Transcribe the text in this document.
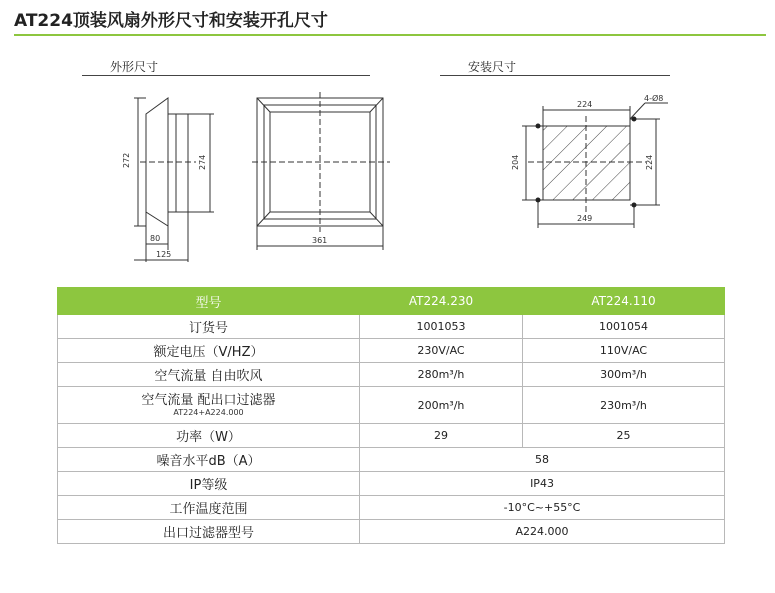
AT224顶装风扇外形尺寸和安装开孔尺寸
外形尺寸	安装尺寸
272	274
80
125
361
224
4-Ø8
204	224
249
型号	AT224.230	AT224.110
订货号	1001053	1001054
额定电压（V/HZ）	230V/AC	110V/AC
空气流量 自由吹风	280m³/h	300m³/h

空气流量 配出口过滤器
AT224+A224.000	200m³/h	230m³/h
功率（W）	29	25
噪音水平dB（A）	58	
IP等级	IP43	
工作温度范围	-10°C~+55°C	
出口过滤器型号	A224.000	
